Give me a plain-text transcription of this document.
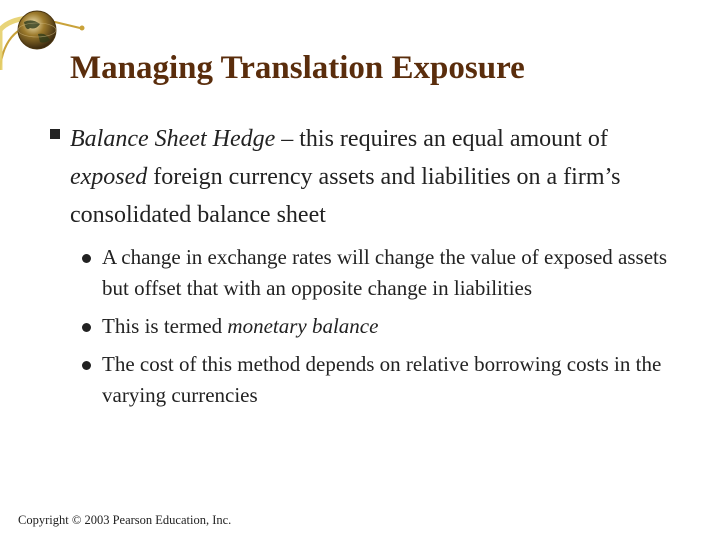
Managing Translation Exposure
Balance Sheet Hedge – this requires an equal amount of exposed foreign currency assets and liabilities on a firm’s consolidated balance sheet
A change in exchange rates will change the value of exposed assets but offset that with an opposite change in liabilities
This is termed monetary balance
The cost of this method depends on relative borrowing costs in the varying currencies
Copyright © 2003 Pearson Education, Inc.
